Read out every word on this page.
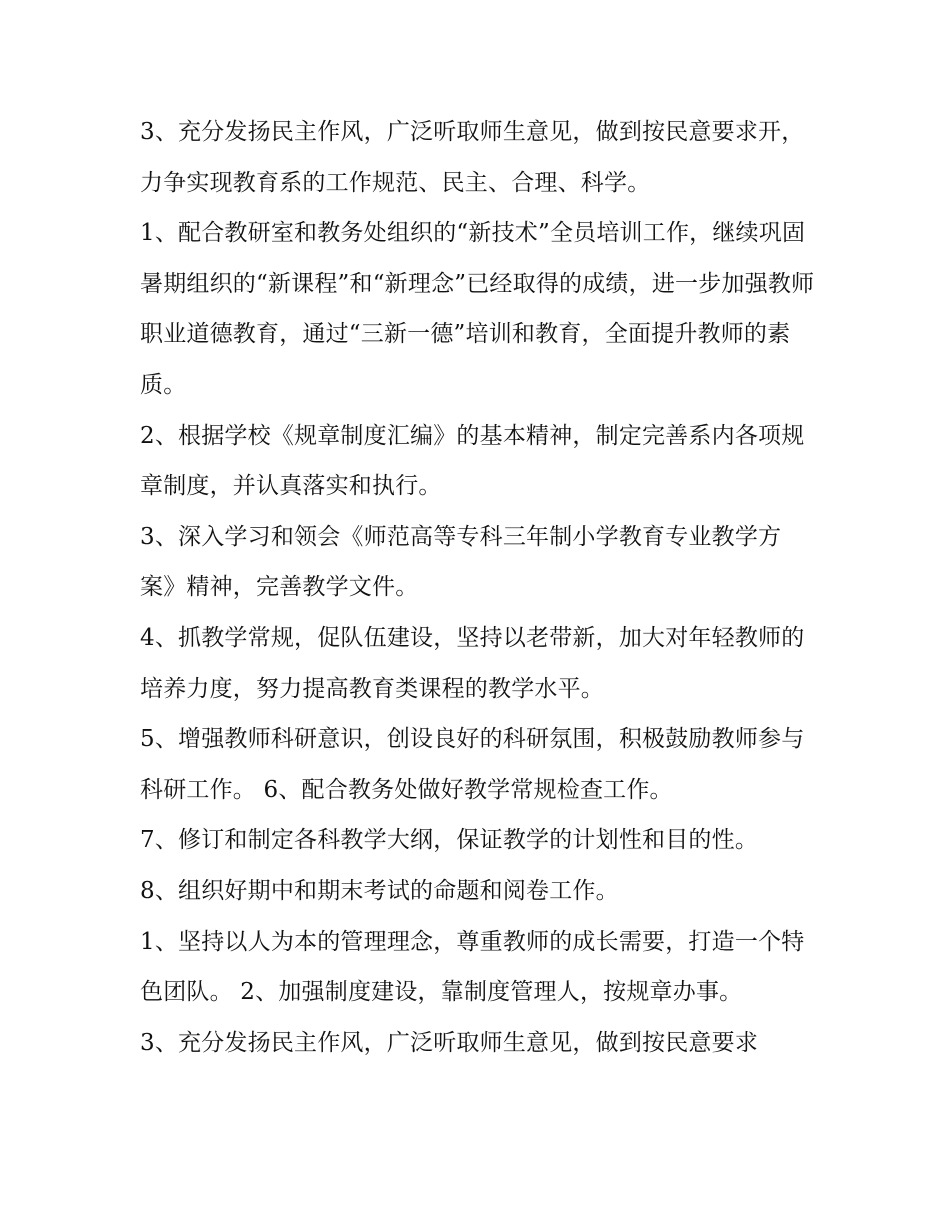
3、充分发扬民主作风，广泛听取师生意见，做到按民意要求开，力争实现教育系的工作规范、民主、合理、科学。

1、配合教研室和教务处组织的“新技术”全员培训工作，继续巩固暑期组织的“新课程”和“新理念”已经取得的成绩，进一步加强教师职业道德教育，通过“三新一德”培训和教育，全面提升教师的素质。

2、根据学校《规章制度汇编》的基本精神，制定完善系内各项规章制度，并认真落实和执行。

3、深入学习和领会《师范高等专科三年制小学教育专业教学方案》精神，完善教学文件。

4、抓教学常规，促队伍建设，坚持以老带新，加大对年轻教师的培养力度，努力提高教育类课程的教学水平。

5、增强教师科研意识，创设良好的科研氛围，积极鼓励教师参与科研工作。 6、配合教务处做好教学常规检查工作。

7、修订和制定各科教学大纲，保证教学的计划性和目的性。

8、组织好期中和期末考试的命题和阅卷工作。

1、坚持以人为本的管理理念，尊重教师的成长需要，打造一个特色团队。 2、加强制度建设，靠制度管理人，按规章办事。

3、充分发扬民主作风，广泛听取师生意见，做到按民意要求
